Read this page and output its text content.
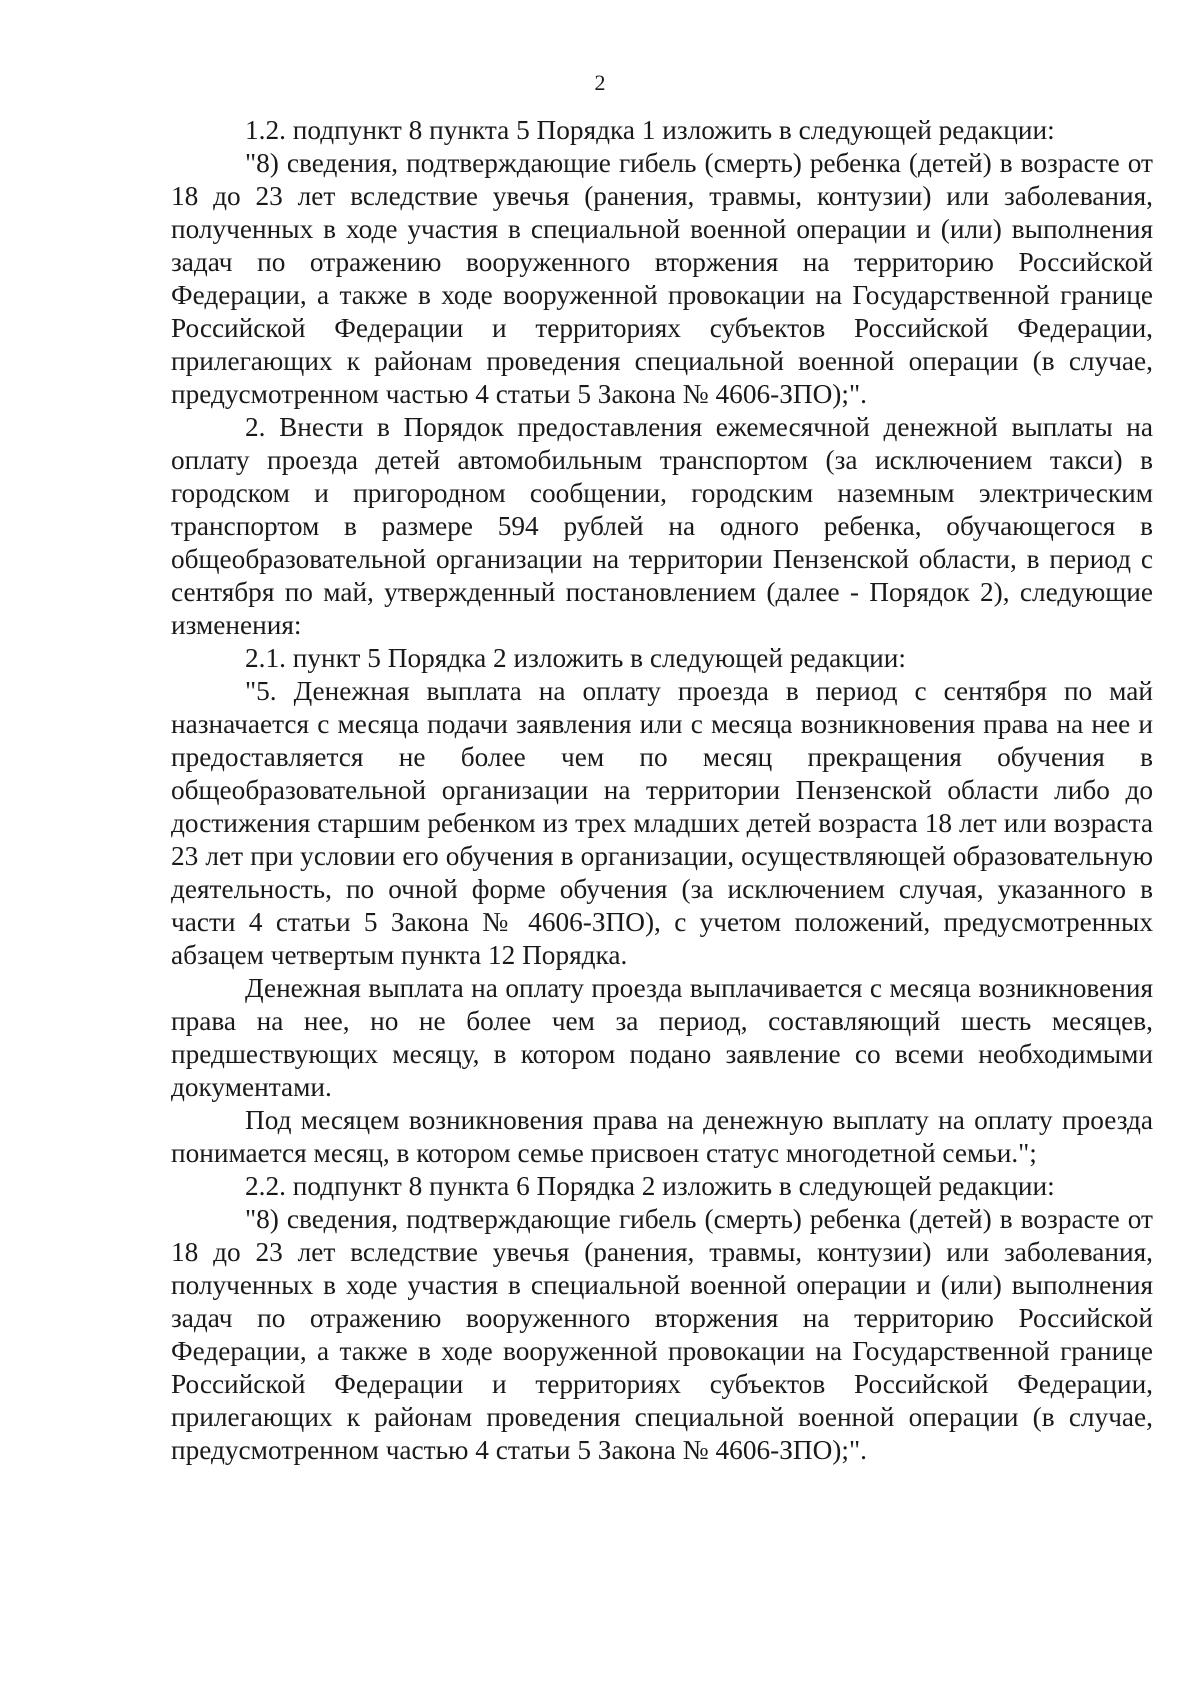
2

1.2. подпункт 8 пункта 5 Порядка 1 изложить в следующей редакции:

"8) сведения, подтверждающие гибель (смерть) ребенка (детей) в возрасте от 18 до 23 лет вследствие увечья (ранения, травмы, контузии) или заболевания, полученных в ходе участия в специальной военной операции и (или) выполнения задач по отражению вооруженного вторжения на территорию Российской Федерации, а также в ходе вооруженной провокации на Государственной границе Российской Федерации и территориях субъектов Российской Федерации, прилегающих к районам проведения специальной военной операции (в случае, предусмотренном частью 4 статьи 5 Закона № 4606-ЗПО);".

2. Внести в Порядок предоставления ежемесячной денежной выплаты на оплату проезда детей автомобильным транспортом (за исключением такси) в городском и пригородном сообщении, городским наземным электрическим транспортом в размере 594 рублей на одного ребенка, обучающегося в общеобразовательной организации на территории Пензенской области, в период с сентября по май, утвержденный постановлением (далее - Порядок 2), следующие изменения:

2.1. пункт 5 Порядка 2 изложить в следующей редакции:

"5. Денежная выплата на оплату проезда в период с сентября по май назначается с месяца подачи заявления или с месяца возникновения права на нее и предоставляется не более чем по месяц прекращения обучения в общеобразовательной организации на территории Пензенской области либо до достижения старшим ребенком из трех младших детей возраста 18 лет или возраста 23 лет при условии его обучения в организации, осуществляющей образовательную деятельность, по очной форме обучения (за исключением случая, указанного в части 4 статьи 5 Закона № 4606-ЗПО), с учетом положений, предусмотренных абзацем четвертым пункта 12 Порядка.

Денежная выплата на оплату проезда выплачивается с месяца возникновения права на нее, но не более чем за период, составляющий шесть месяцев, предшествующих месяцу, в котором подано заявление со всеми необходимыми документами.

Под месяцем возникновения права на денежную выплату на оплату проезда понимается месяц, в котором семье присвоен статус многодетной семьи.";

2.2. подпункт 8 пункта 6 Порядка 2 изложить в следующей редакции:

"8) сведения, подтверждающие гибель (смерть) ребенка (детей) в возрасте от 18 до 23 лет вследствие увечья (ранения, травмы, контузии) или заболевания, полученных в ходе участия в специальной военной операции и (или) выполнения задач по отражению вооруженного вторжения на территорию Российской Федерации, а также в ходе вооруженной провокации на Государственной границе Российской Федерации и территориях субъектов Российской Федерации, прилегающих к районам проведения специальной военной операции (в случае, предусмотренном частью 4 статьи 5 Закона № 4606-ЗПО);".
